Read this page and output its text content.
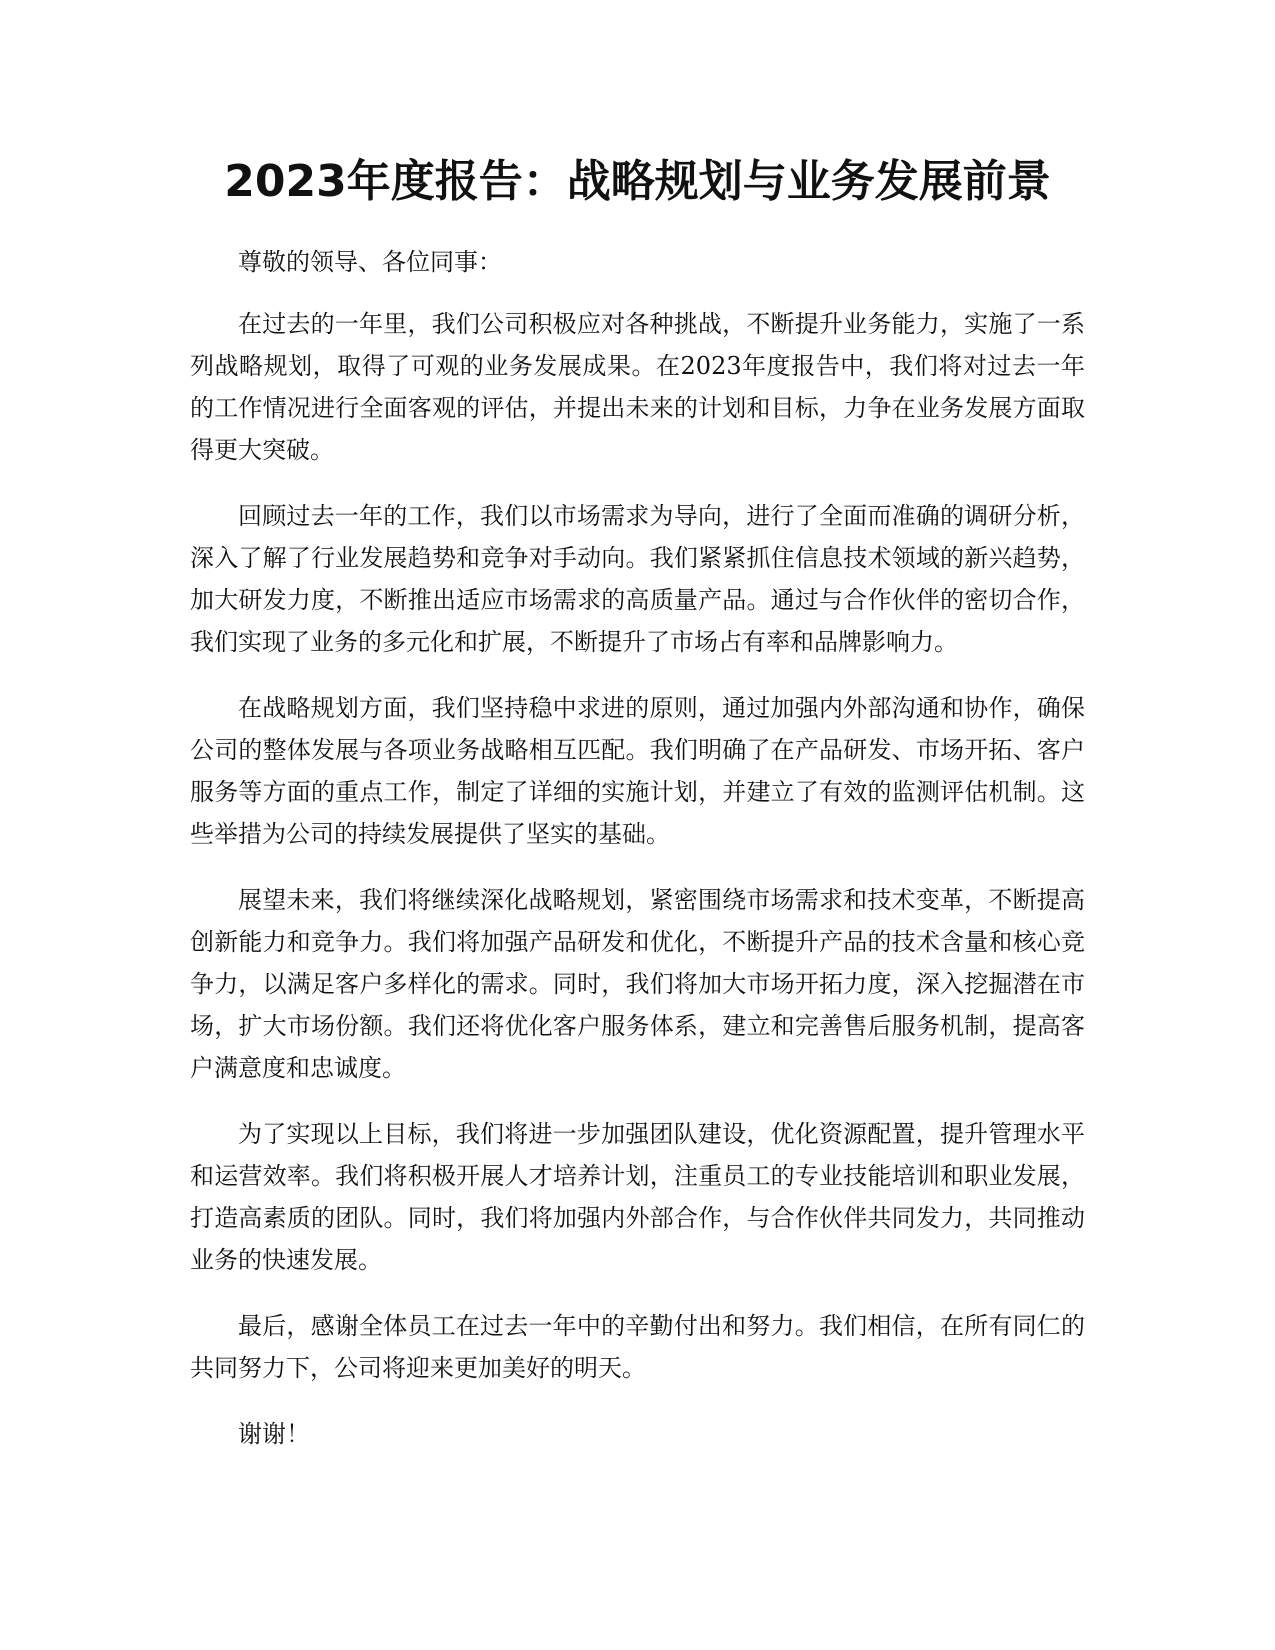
2023年度报告：战略规划与业务发展前景

尊敬的领导、各位同事：

在过去的一年里，我们公司积极应对各种挑战，不断提升业务能力，实施了一系列战略规划，取得了可观的业务发展成果。在2023年度报告中，我们将对过去一年的工作情况进行全面客观的评估，并提出未来的计划和目标，力争在业务发展方面取得更大突破。

回顾过去一年的工作，我们以市场需求为导向，进行了全面而准确的调研分析，深入了解了行业发展趋势和竞争对手动向。我们紧紧抓住信息技术领域的新兴趋势，加大研发力度，不断推出适应市场需求的高质量产品。通过与合作伙伴的密切合作，我们实现了业务的多元化和扩展，不断提升了市场占有率和品牌影响力。

在战略规划方面，我们坚持稳中求进的原则，通过加强内外部沟通和协作，确保公司的整体发展与各项业务战略相互匹配。我们明确了在产品研发、市场开拓、客户服务等方面的重点工作，制定了详细的实施计划，并建立了有效的监测评估机制。这些举措为公司的持续发展提供了坚实的基础。

展望未来，我们将继续深化战略规划，紧密围绕市场需求和技术变革，不断提高创新能力和竞争力。我们将加强产品研发和优化，不断提升产品的技术含量和核心竞争力，以满足客户多样化的需求。同时，我们将加大市场开拓力度，深入挖掘潜在市场，扩大市场份额。我们还将优化客户服务体系，建立和完善售后服务机制，提高客户满意度和忠诚度。

为了实现以上目标，我们将进一步加强团队建设，优化资源配置，提升管理水平和运营效率。我们将积极开展人才培养计划，注重员工的专业技能培训和职业发展，打造高素质的团队。同时，我们将加强内外部合作，与合作伙伴共同发力，共同推动业务的快速发展。

最后，感谢全体员工在过去一年中的辛勤付出和努力。我们相信，在所有同仁的共同努力下，公司将迎来更加美好的明天。

谢谢！
